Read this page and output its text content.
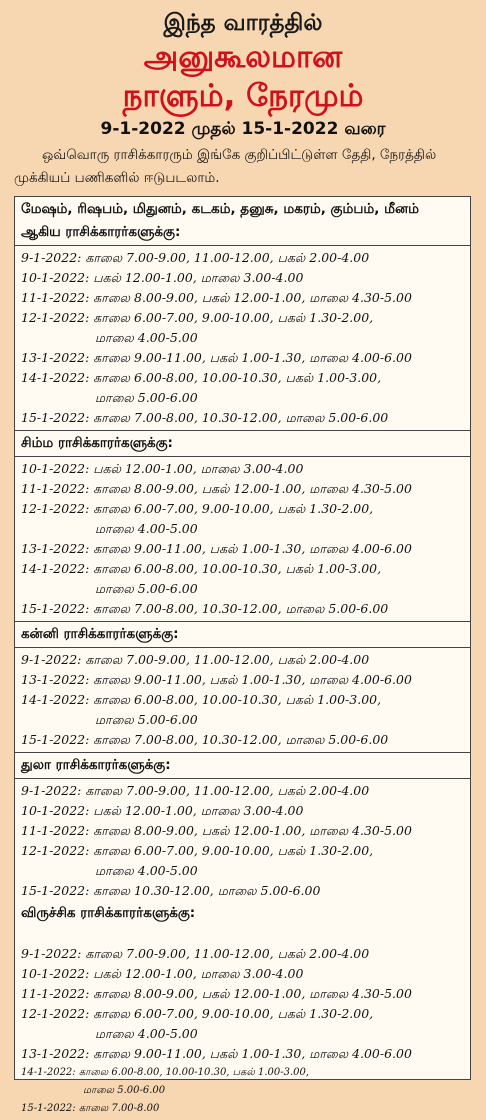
இந்த வாரத்தில்
அனுகூலமான
நாளும், நேரமும்
9-1-2022 முதல் 15-1-2022 வரை

ஒவ்வொரு ராசிக்காரரும் இங்கே குறிப்பிட்டுள்ள தேதி, நேரத்தில் முக்கியப் பணிகளில் ஈடுபடலாம்.

மேஷம், ரிஷபம், மிதுனம், கடகம், தனுசு, மகரம், கும்பம், மீனம்
ஆகிய ராசிக்காரர்களுக்கு:
9-1-2022: காலை 7.00-9.00, 11.00-12.00, பகல் 2.00-4.00
10-1-2022: பகல் 12.00-1.00, மாலை 3.00-4.00
11-1-2022: காலை 8.00-9.00, பகல் 12.00-1.00, மாலை 4.30-5.00
12-1-2022: காலை 6.00-7.00, 9.00-10.00, பகல் 1.30-2.00,
மாலை 4.00-5.00
13-1-2022: காலை 9.00-11.00, பகல் 1.00-1.30, மாலை 4.00-6.00
14-1-2022: காலை 6.00-8.00, 10.00-10.30, பகல் 1.00-3.00,
மாலை 5.00-6.00
15-1-2022: காலை 7.00-8.00, 10.30-12.00, மாலை 5.00-6.00
சிம்ம ராசிக்காரர்களுக்கு:
10-1-2022: பகல் 12.00-1.00, மாலை 3.00-4.00
11-1-2022: காலை 8.00-9.00, பகல் 12.00-1.00, மாலை 4.30-5.00
12-1-2022: காலை 6.00-7.00, 9.00-10.00, பகல் 1.30-2.00,
மாலை 4.00-5.00
13-1-2022: காலை 9.00-11.00, பகல் 1.00-1.30, மாலை 4.00-6.00
14-1-2022: காலை 6.00-8.00, 10.00-10.30, பகல் 1.00-3.00,
மாலை 5.00-6.00
15-1-2022: காலை 7.00-8.00, 10.30-12.00, மாலை 5.00-6.00
கன்னி ராசிக்காரர்களுக்கு:
9-1-2022: காலை 7.00-9.00, 11.00-12.00, பகல் 2.00-4.00
13-1-2022: காலை 9.00-11.00, பகல் 1.00-1.30, மாலை 4.00-6.00
14-1-2022: காலை 6.00-8.00, 10.00-10.30, பகல் 1.00-3.00,
மாலை 5.00-6.00
15-1-2022: காலை 7.00-8.00, 10.30-12.00, மாலை 5.00-6.00
துலா ராசிக்காரர்களுக்கு:
9-1-2022: காலை 7.00-9.00, 11.00-12.00, பகல் 2.00-4.00
10-1-2022: பகல் 12.00-1.00, மாலை 3.00-4.00
11-1-2022: காலை 8.00-9.00, பகல் 12.00-1.00, மாலை 4.30-5.00
12-1-2022: காலை 6.00-7.00, 9.00-10.00, பகல் 1.30-2.00,
மாலை 4.00-5.00
15-1-2022: காலை 10.30-12.00, மாலை 5.00-6.00
விருச்சிக ராசிக்காரர்களுக்கு:
9-1-2022: காலை 7.00-9.00, 11.00-12.00, பகல் 2.00-4.00
10-1-2022: பகல் 12.00-1.00, மாலை 3.00-4.00
11-1-2022: காலை 8.00-9.00, பகல் 12.00-1.00, மாலை 4.30-5.00
12-1-2022: காலை 6.00-7.00, 9.00-10.00, பகல் 1.30-2.00,
மாலை 4.00-5.00
13-1-2022: காலை 9.00-11.00, பகல் 1.00-1.30, மாலை 4.00-6.00
14-1-2022: காலை 6.00-8.00, 10.00-10.30, பகல் 1.00-3.00,
மாலை 5.00-6.00
15-1-2022: காலை 7.00-8.00
